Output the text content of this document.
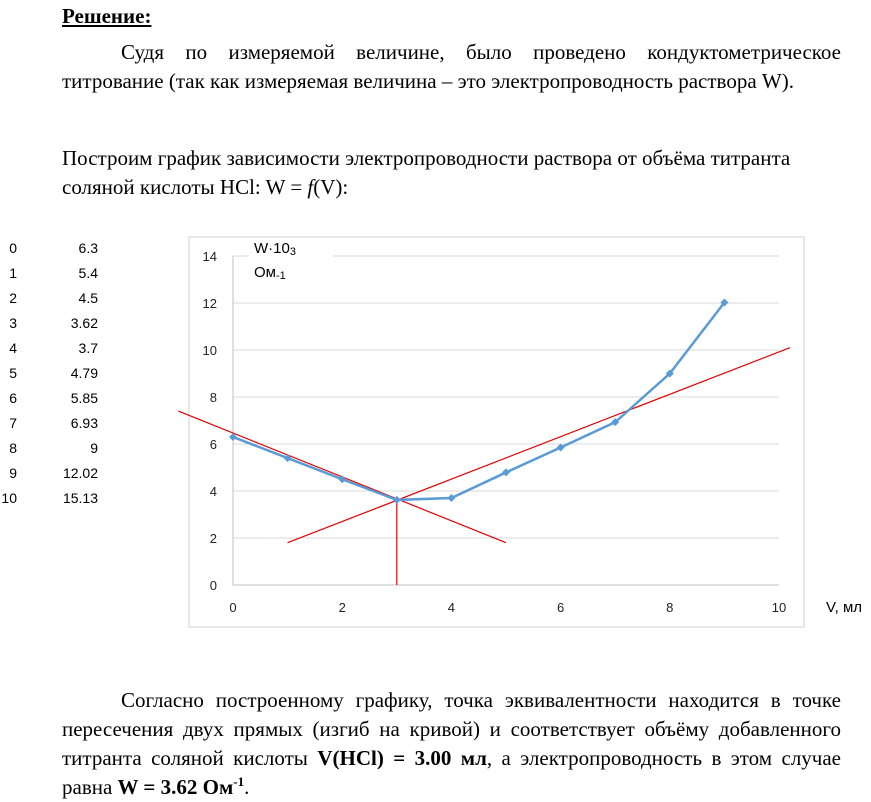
Решение:
Судя по измеряемой величине, было проведено кондуктометрическое титрование (так как измеряемая величина – это электропроводность раствора W).
Построим график зависимости электропроводности раствора от объёма титранта соляной кислоты HCl: W = f(V):
0	6.3
1	5.4
2	4.5
3	3.62
4	3.7
5	4.79
6	5.85
7	6.93
8	9
9	12.02
10	15.13
0
2
4
6
8
10
12
14
0	2	4	6	8	10
W·103
Ом-1
V, мл
Согласно построенному графику, точка эквивалентности находится в точке пересечения двух прямых (изгиб на кривой) и соответствует объёму добавленного титранта соляной кислоты V(HCl) = 3.00 мл, а электропроводность в этом случае равна W = 3.62 $Ом^{-1}$.
